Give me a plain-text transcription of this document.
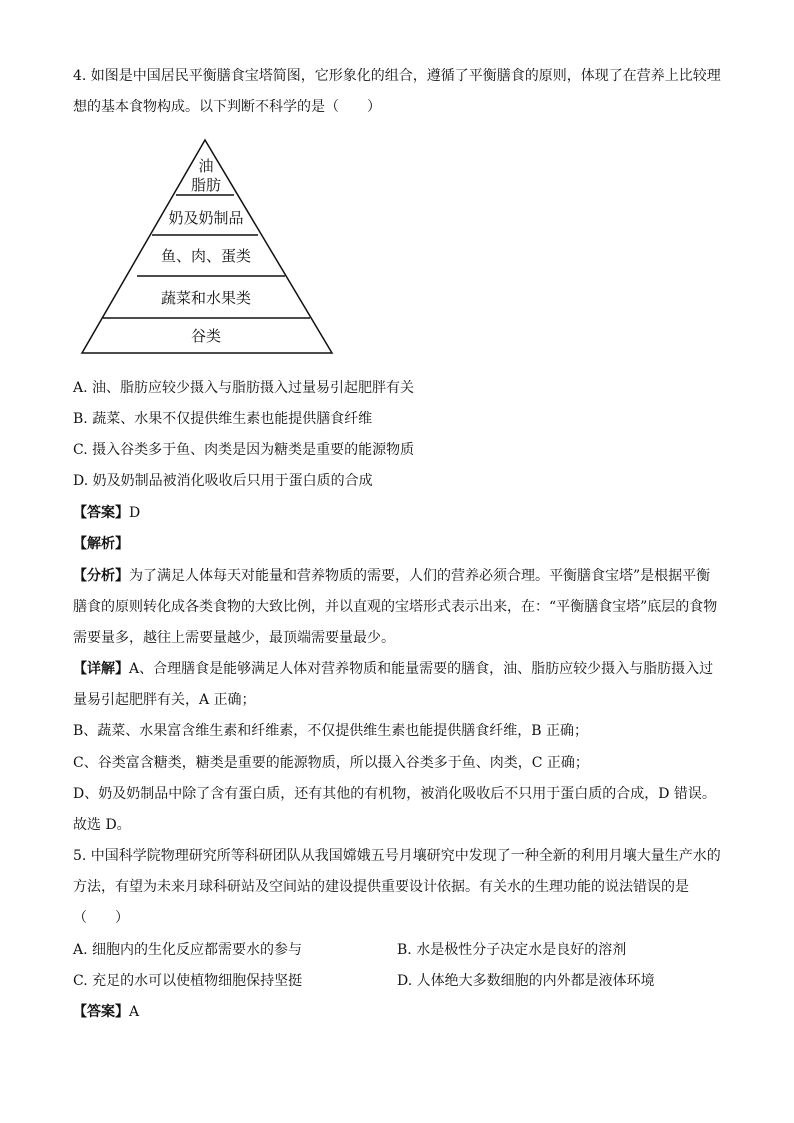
4. 如图是中国居民平衡膳食宝塔简图，它形象化的组合，遵循了平衡膳食的原则，体现了在营养上比较理
想的基本食物构成。以下判断不科学的是（　　）
油
脂肪
奶及奶制品
鱼、肉、蛋类
蔬菜和水果类
谷类
A. 油、脂肪应较少摄入与脂肪摄入过量易引起肥胖有关
B. 蔬菜、水果不仅提供维生素也能提供膳食纤维
C. 摄入谷类多于鱼、肉类是因为糖类是重要的能源物质
D. 奶及奶制品被消化吸收后只用于蛋白质的合成
【答案】D
【解析】
【分析】为了满足人体每天对能量和营养物质的需要，人们的营养必须合理。平衡膳食宝塔”是根据平衡
膳食的原则转化成各类食物的大致比例，并以直观的宝塔形式表示出来，在：“平衡膳食宝塔”底层的食物
需要量多，越往上需要量越少，最顶端需要量最少。
【详解】A、合理膳食是能够满足人体对营养物质和能量需要的膳食，油、脂肪应较少摄入与脂肪摄入过
量易引起肥胖有关，A 正确；
B、蔬菜、水果富含维生素和纤维素，不仅提供维生素也能提供膳食纤维，B 正确；
C、谷类富含糖类，糖类是重要的能源物质，所以摄入谷类多于鱼、肉类，C 正确；
D、奶及奶制品中除了含有蛋白质，还有其他的有机物，被消化吸收后不只用于蛋白质的合成，D 错误。
故选 D。
5. 中国科学院物理研究所等科研团队从我国嫦娥五号月壤研究中发现了一种全新的利用月壤大量生产水的
方法，有望为未来月球科研站及空间站的建设提供重要设计依据。有关水的生理功能的说法错误的是
（　　）
A. 细胞内的生化反应都需要水的参与	B. 水是极性分子决定水是良好的溶剂
C. 充足的水可以使植物细胞保持坚挺	D. 人体绝大多数细胞的内外都是液体环境
【答案】A
